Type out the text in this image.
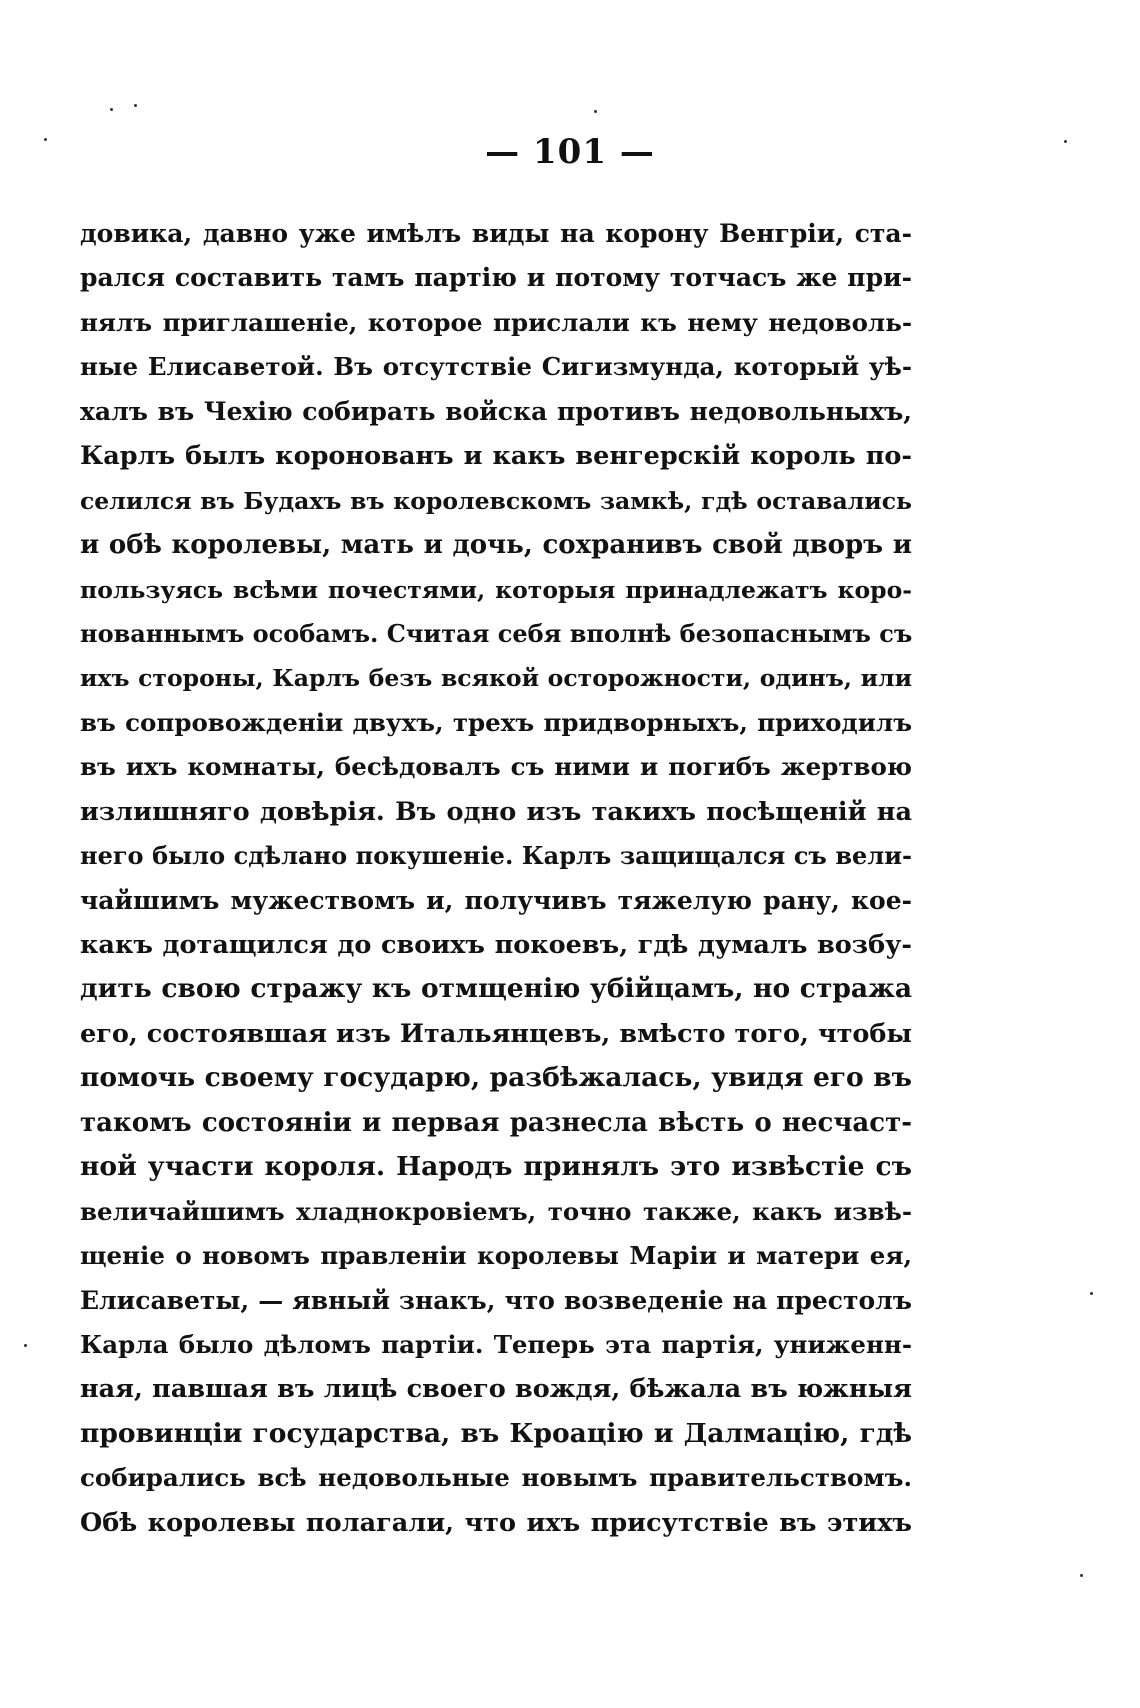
— 101 —
довика, давно уже имѣлъ виды на корону Венгріи, ста-
рался составить тамъ партію и потому тотчасъ же при-
нялъ приглашеніе, которое прислали къ нему недоволь-
ные Елисаветой. Въ отсутствіе Сигизмунда, который уѣ-
халъ въ Чехію собирать войска противъ недовольныхъ,
Карлъ былъ коронованъ и какъ венгерскій король по-
селился въ Будахъ въ королевскомъ замкѣ, гдѣ оставались
и обѣ королевы, мать и дочь, сохранивъ свой дворъ и
пользуясь всѣми почестями, которыя принадлежатъ коро-
нованнымъ особамъ. Считая себя вполнѣ безопаснымъ съ
ихъ стороны, Карлъ безъ всякой осторожности, одинъ, или
въ сопровожденіи двухъ, трехъ придворныхъ, приходилъ
въ ихъ комнаты, бесѣдовалъ съ ними и погибъ жертвою
излишняго довѣрія. Въ одно изъ такихъ посѣщеній на
него было сдѣлано покушеніе. Карлъ защищался съ вели-
чайшимъ мужествомъ и, получивъ тяжелую рану, кое-
какъ дотащился до своихъ покоевъ, гдѣ думалъ возбу-
дить свою стражу къ отмщенію убійцамъ, но стража
его, состоявшая изъ Итальянцевъ, вмѣсто того, чтобы
помочь своему государю, разбѣжалась, увидя его въ
такомъ состояніи и первая разнесла вѣсть о несчаст-
ной участи короля. Народъ принялъ это извѣстіе съ
величайшимъ хладнокровіемъ, точно также, какъ извѣ-
щеніе о новомъ правленіи королевы Маріи и матери ея,
Елисаветы, — явный знакъ, что возведеніе на престолъ
Карла было дѣломъ партіи. Теперь эта партія, униженн-
ная, павшая въ лицѣ своего вождя, бѣжала въ южныя
провинціи государства, въ Кроацію и Далмацію, гдѣ
собирались всѣ недовольные новымъ правительствомъ.
Обѣ королевы полагали, что ихъ присутствіе въ этихъ
